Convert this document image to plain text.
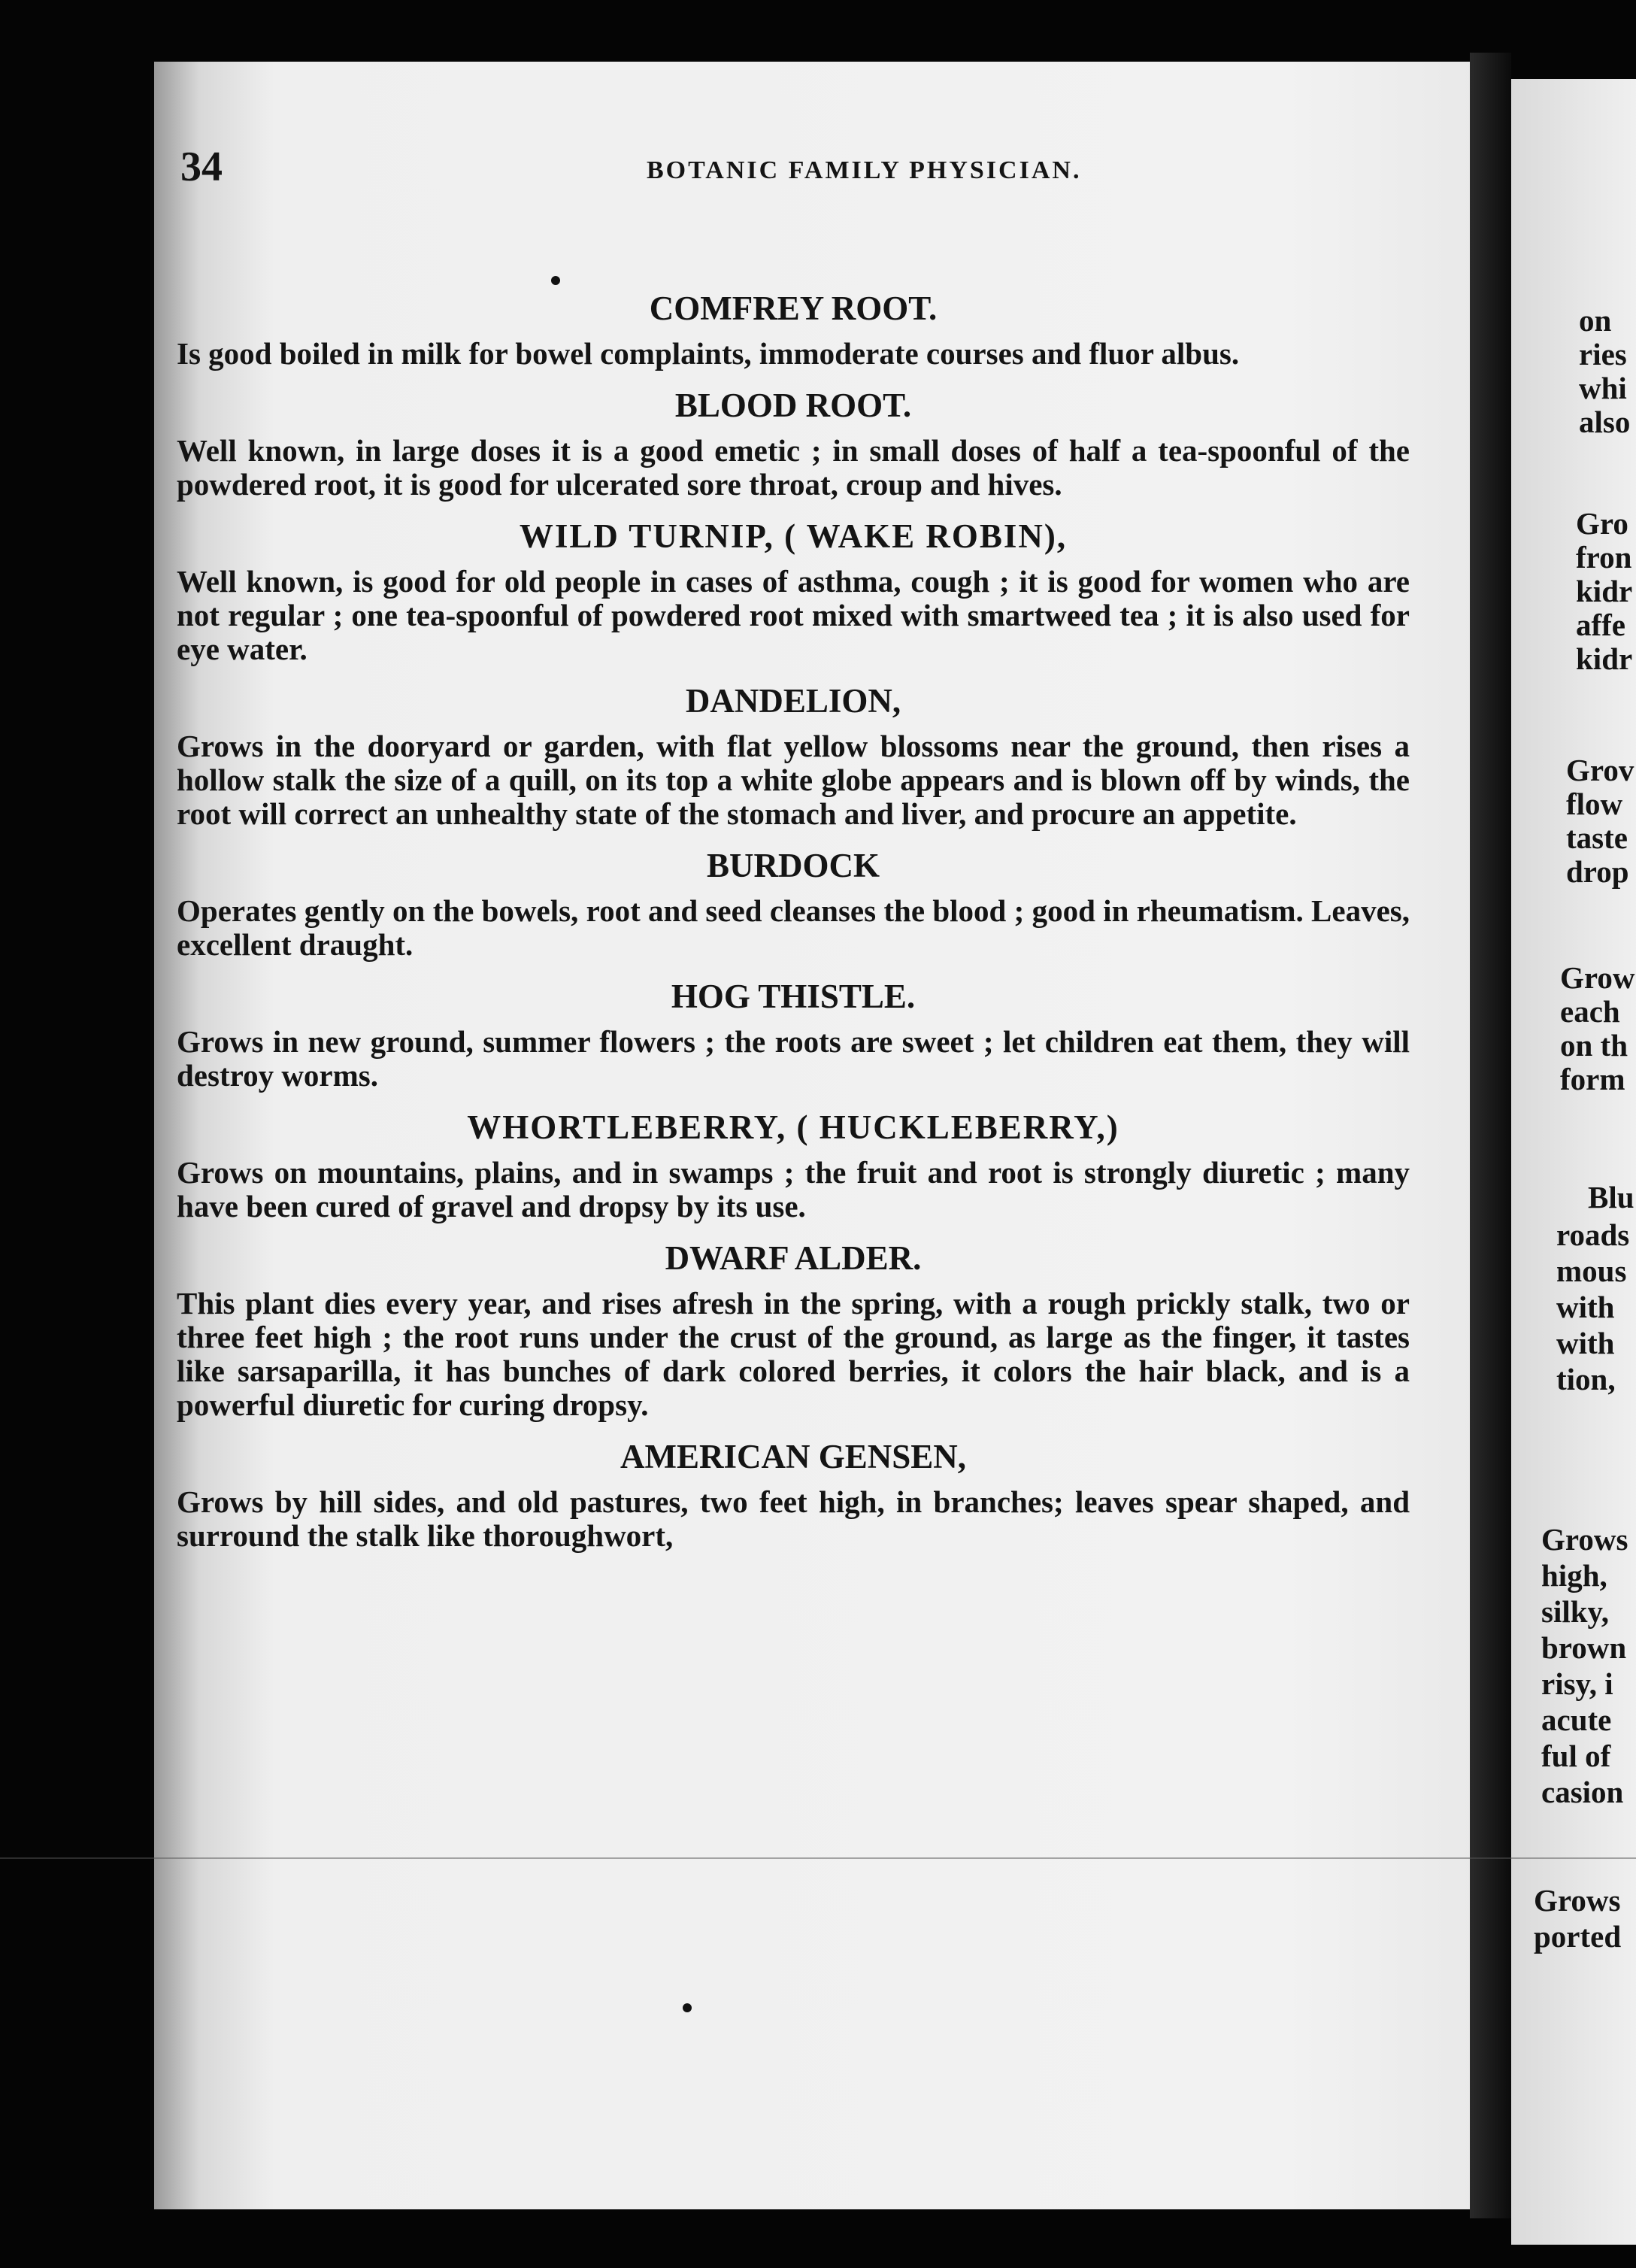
34	BOTANIC FAMILY PHYSICIAN.
COMFREY ROOT.

Is good boiled in milk for bowel complaints, immoderate courses and fluor albus.

BLOOD ROOT.

Well known, in large doses it is a good emetic ; in small doses of half a tea-spoonful of the powdered root, it is good for ulcerated sore throat, croup and hives.

WILD TURNIP, ( WAKE ROBIN),

Well known, is good for old people in cases of asthma, cough ; it is good for women who are not regular ; one tea-spoonful of powdered root mixed with smartweed tea ; it is also used for eye water.

DANDELION,

Grows in the dooryard or garden, with flat yellow blossoms near the ground, then rises a hollow stalk the size of a quill, on its top a white globe appears and is blown off by winds, the root will correct an unhealthy state of the stomach and liver, and procure an appetite.

BURDOCK

Operates gently on the bowels, root and seed cleanses the blood ; good in rheumatism. Leaves, excellent draught.

HOG THISTLE.

Grows in new ground, summer flowers ; the roots are sweet ; let children eat them, they will destroy worms.

WHORTLEBERRY, ( HUCKLEBERRY,)

Grows on mountains, plains, and in swamps ; the fruit and root is strongly diuretic ; many have been cured of gravel and dropsy by its use.

DWARF ALDER.

This plant dies every year, and rises afresh in the spring, with a rough prickly stalk, two or three feet high ; the root runs under the crust of the ground, as large as the finger, it tastes like sarsaparilla, it has bunches of dark colored berries, it colors the hair black, and is a powerful diuretic for curing dropsy.

AMERICAN GENSEN,

Grows by hill sides, and old pastures, two feet high, in branches; leaves spear shaped, and surround the stalk like thoroughwort,

on
ries
whi
also
Gro
fron
kidr
affe
kidr
Grov
flow
taste
drop
Grow
each
on th
form
Blu
roads
mous
with
with
tion,
Grows
high,
silky,
brown
risy, i
acute
ful of
casion
Grows
ported
